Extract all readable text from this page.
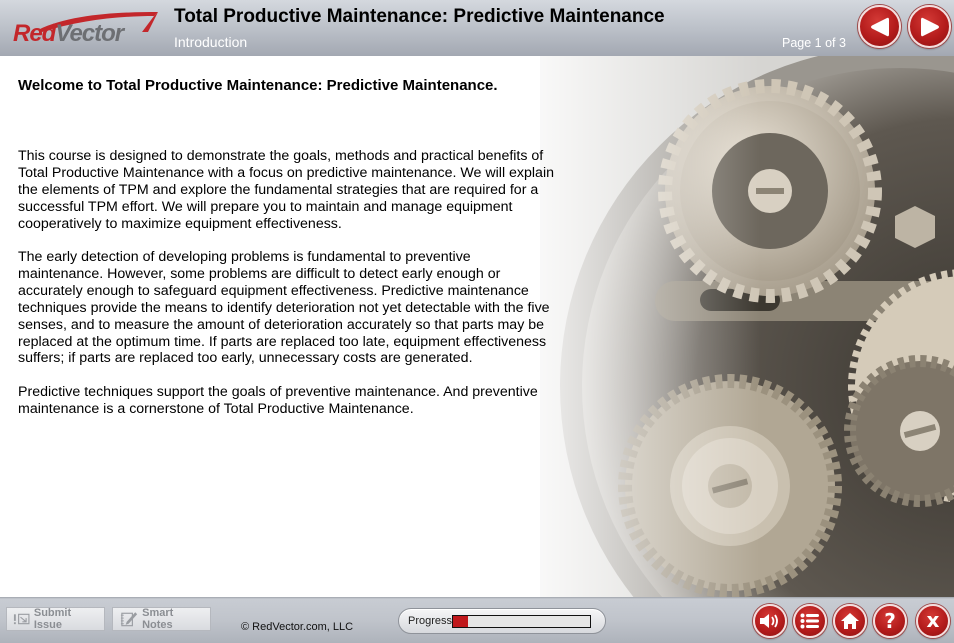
RedVector
Total Productive Maintenance: Predictive Maintenance
Introduction	Page 1 of 3
Welcome to Total Productive Maintenance: Predictive Maintenance.

This course is designed to demonstrate the goals, methods and practical benefits of Total Productive Maintenance with a focus on predictive maintenance. We will explain the elements of TPM and explore the fundamental strategies that are required for a successful TPM effort. We will prepare you to maintain and manage equipment cooperatively to maximize equipment effectiveness.

The early detection of developing problems is fundamental to preventive maintenance. However, some problems are difficult to detect early enough or accurately enough to safeguard equipment effectiveness. Predictive maintenance techniques provide the means to identify deterioration not yet detectable with the five senses, and to measure the amount of deterioration accurately so that parts may be replaced at the optimum time. If parts are replaced too late, equipment effectiveness suffers; if parts are replaced too early, unnecessary costs are generated.

Predictive techniques support the goals of preventive maintenance. And preventive maintenance is a cornerstone of Total Productive Maintenance.

Submit Issue
Smart Notes	© RedVector.com, LLC	Progress	? x
